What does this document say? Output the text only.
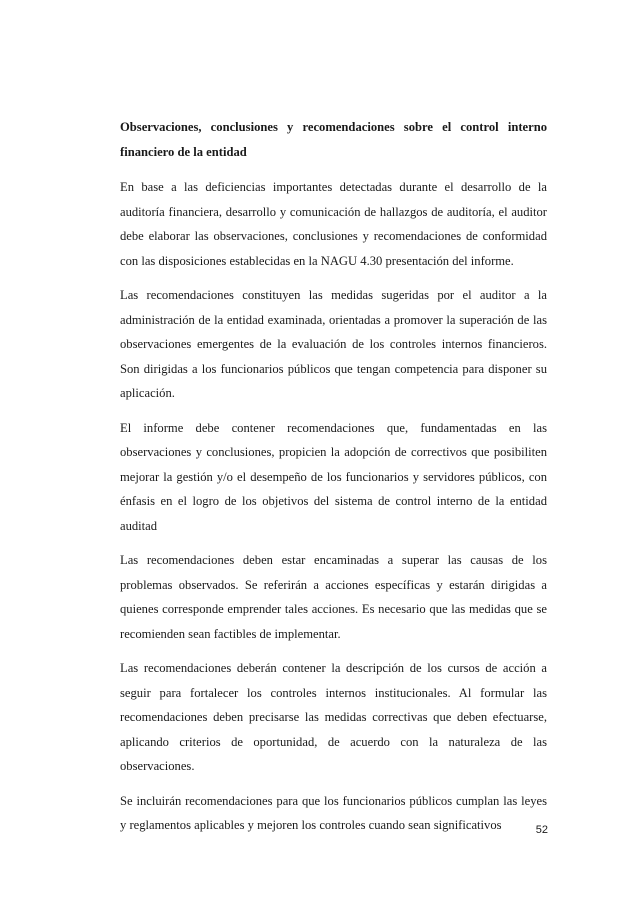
Observaciones, conclusiones y recomendaciones sobre el control interno financiero de la entidad

En base a las deficiencias importantes detectadas durante el desarrollo de la auditoría financiera, desarrollo y comunicación de hallazgos de auditoría, el auditor debe elaborar las observaciones, conclusiones y recomendaciones de conformidad con las disposiciones establecidas en la NAGU 4.30 presentación del informe.

Las recomendaciones constituyen las medidas sugeridas por el auditor a la administración de la entidad examinada, orientadas a promover la superación de las observaciones emergentes de la evaluación de los controles internos financieros. Son dirigidas a los funcionarios públicos que tengan competencia para disponer su aplicación.

El informe debe contener recomendaciones que, fundamentadas en las observaciones y conclusiones, propicien la adopción de correctivos que posibiliten mejorar la gestión y/o el desempeño de los funcionarios y servidores públicos, con énfasis en el logro de los objetivos del sistema de control interno de la entidad auditad

Las recomendaciones deben estar encaminadas a superar las causas de los problemas observados. Se referirán a acciones específicas y estarán dirigidas a quienes corresponde emprender tales acciones. Es necesario que las medidas que se recomienden sean factibles de implementar.

Las recomendaciones deberán contener la descripción de los cursos de acción a seguir para fortalecer los controles internos institucionales. Al formular las recomendaciones deben precisarse las medidas correctivas que deben efectuarse, aplicando criterios de oportunidad, de acuerdo con la naturaleza de las observaciones.

Se incluirán recomendaciones para que los funcionarios públicos cumplan las leyes y reglamentos aplicables y mejoren los controles cuando sean significativos	52
